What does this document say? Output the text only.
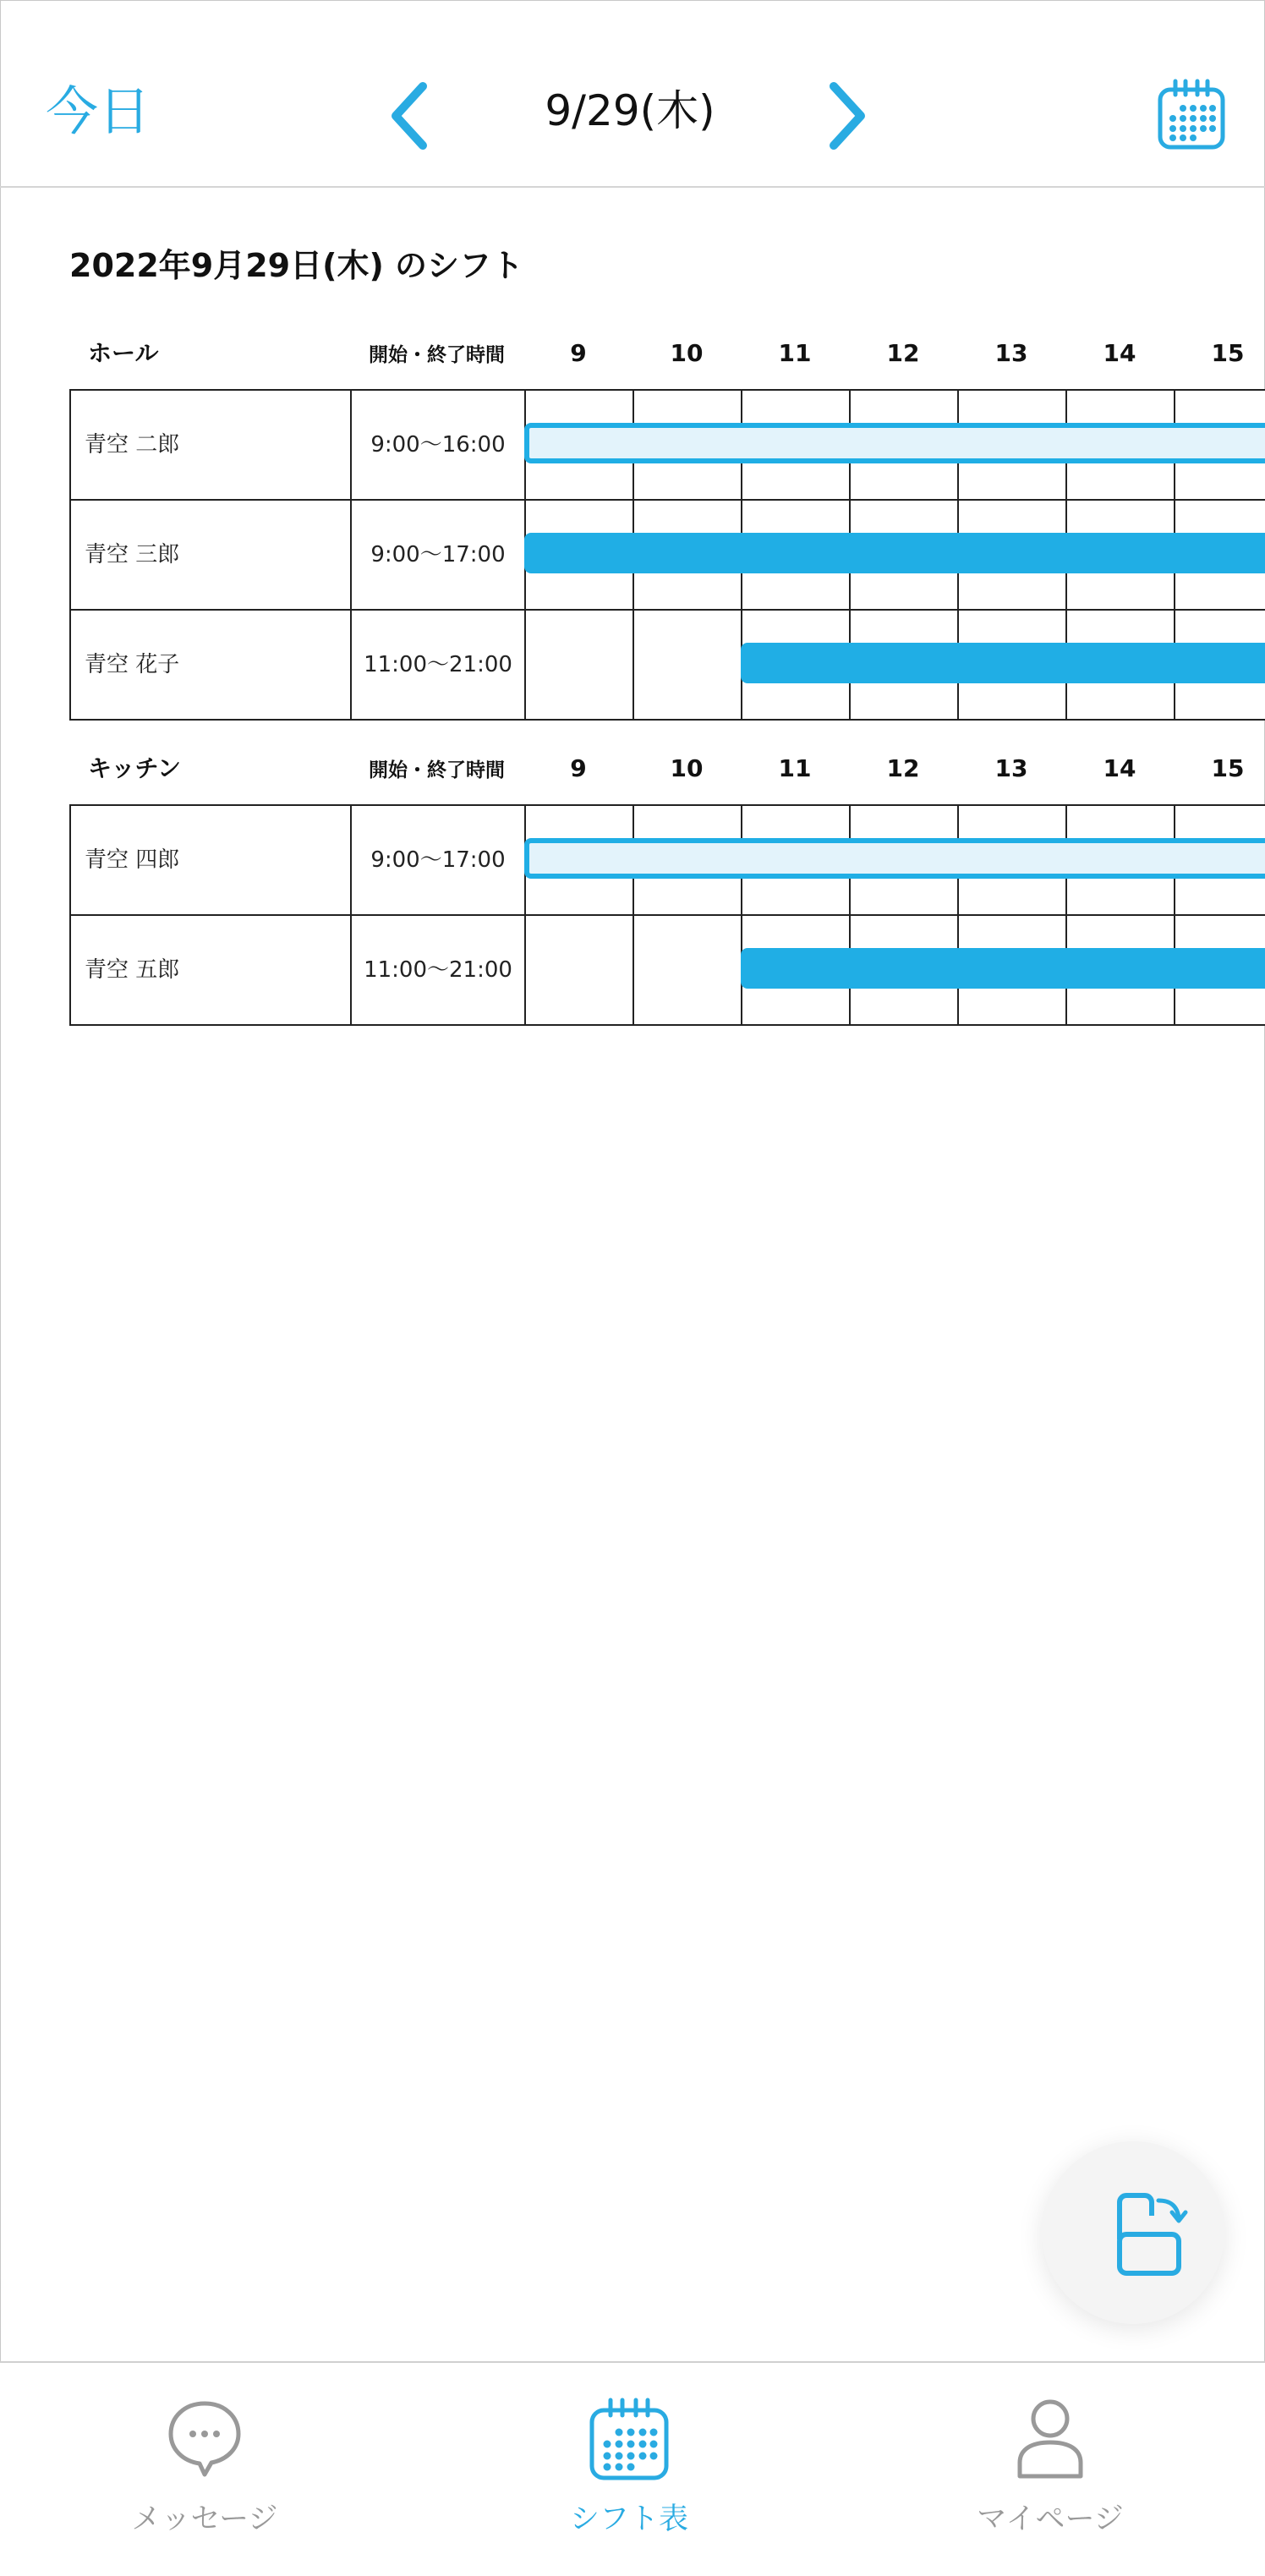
今日	9/29(木)
2022年9月29日(木) のシフト
ホール	開始・終了時間	9	10	11	12	13	14	15
青空 二郎	9:00〜16:00
青空 三郎	9:00〜17:00
青空 花子	11:00〜21:00
キッチン	開始・終了時間	9	10	11	12	13	14	15
青空 四郎	9:00〜17:00
青空 五郎	11:00〜21:00
メッセージ	シフト表	マイページ
